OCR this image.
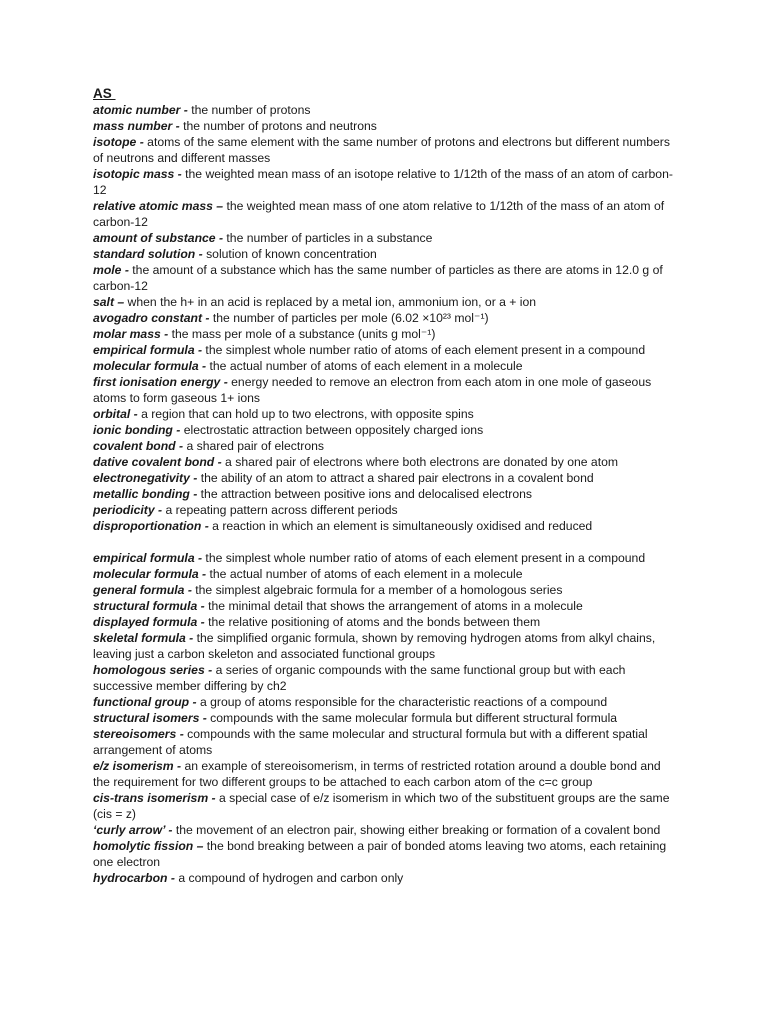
AS

atomic number - the number of protons

mass number - the number of protons and neutrons

isotope - atoms of the same element with the same number of protons and electrons but different numbers of neutrons and different masses

isotopic mass - the weighted mean mass of an isotope relative to 1/12th of the mass of an atom of carbon-12

relative atomic mass – the weighted mean mass of one atom relative to 1/12th of the mass of an atom of carbon-12

amount of substance - the number of particles in a substance

standard solution - solution of known concentration

mole - the amount of a substance which has the same number of particles as there are atoms in 12.0 g of carbon-12

salt – when the h+ in an acid is replaced by a metal ion, ammonium ion, or a + ion

avogadro constant - the number of particles per mole (6.02 ×10²³ mol⁻¹)

molar mass - the mass per mole of a substance (units g mol⁻¹)

empirical formula - the simplest whole number ratio of atoms of each element present in a compound

molecular formula - the actual number of atoms of each element in a molecule

first ionisation energy - energy needed to remove an electron from each atom in one mole of gaseous atoms to form gaseous 1+ ions

orbital - a region that can hold up to two electrons, with opposite spins

ionic bonding - electrostatic attraction between oppositely charged ions

covalent bond - a shared pair of electrons

dative covalent bond - a shared pair of electrons where both electrons are donated by one atom

electronegativity - the ability of an atom to attract a shared pair electrons in a covalent bond

metallic bonding - the attraction between positive ions and delocalised electrons

periodicity - a repeating pattern across different periods

disproportionation - a reaction in which an element is simultaneously oxidised and reduced

empirical formula - the simplest whole number ratio of atoms of each element present in a compound

molecular formula - the actual number of atoms of each element in a molecule

general formula - the simplest algebraic formula for a member of a homologous series

structural formula - the minimal detail that shows the arrangement of atoms in a molecule

displayed formula - the relative positioning of atoms and the bonds between them

skeletal formula - the simplified organic formula, shown by removing hydrogen atoms from alkyl chains, leaving just a carbon skeleton and associated functional groups

homologous series - a series of organic compounds with the same functional group but with each successive member differing by ch2

functional group - a group of atoms responsible for the characteristic reactions of a compound

structural isomers - compounds with the same molecular formula but different structural formula

stereoisomers - compounds with the same molecular and structural formula but with a different spatial arrangement of atoms

e/z isomerism - an example of stereoisomerism, in terms of restricted rotation around a double bond and the requirement for two different groups to be attached to each carbon atom of the c=c group

cis-trans isomerism - a special case of e/z isomerism in which two of the substituent groups are the same (cis = z)

‘curly arrow’ - the movement of an electron pair, showing either breaking or formation of a covalent bond

homolytic fission – the bond breaking between a pair of bonded atoms leaving two atoms, each retaining one electron

hydrocarbon - a compound of hydrogen and carbon only
